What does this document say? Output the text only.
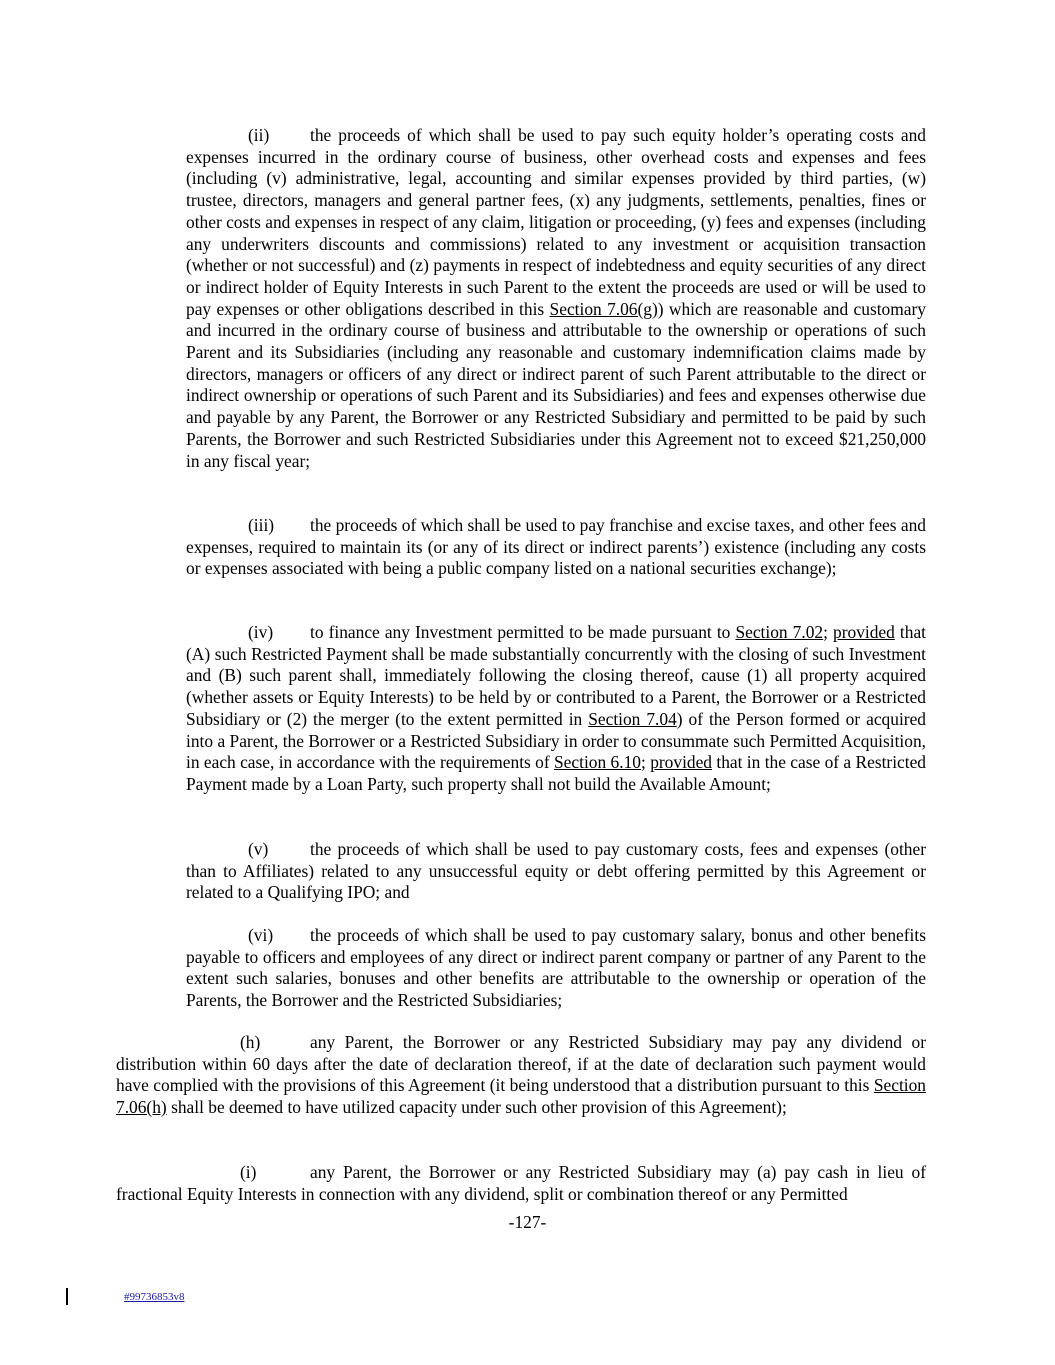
(ii) the proceeds of which shall be used to pay such equity holder’s operating costs and expenses incurred in the ordinary course of business, other overhead costs and expenses and fees (including (v) administrative, legal, accounting and similar expenses provided by third parties, (w) trustee, directors, managers and general partner fees, (x) any judgments, settlements, penalties, fines or other costs and expenses in respect of any claim, litigation or proceeding, (y) fees and expenses (including any underwriters discounts and commissions) related to any investment or acquisition transaction (whether or not successful) and (z) payments in respect of indebtedness and equity securities of any direct or indirect holder of Equity Interests in such Parent to the extent the proceeds are used or will be used to pay expenses or other obligations described in this Section 7.06(g)) which are reasonable and customary and incurred in the ordinary course of business and attributable to the ownership or operations of such Parent and its Subsidiaries (including any reasonable and customary indemnification claims made by directors, managers or officers of any direct or indirect parent of such Parent attributable to the direct or indirect ownership or operations of such Parent and its Subsidiaries) and fees and expenses otherwise due and payable by any Parent, the Borrower or any Restricted Subsidiary and permitted to be paid by such Parents, the Borrower and such Restricted Subsidiaries under this Agreement not to exceed $21,250,000 in any fiscal year;

(iii) the proceeds of which shall be used to pay franchise and excise taxes, and other fees and expenses, required to maintain its (or any of its direct or indirect parents’) existence (including any costs or expenses associated with being a public company listed on a national securities exchange);

(iv) to finance any Investment permitted to be made pursuant to Section 7.02; provided that (A) such Restricted Payment shall be made substantially concurrently with the closing of such Investment and (B) such parent shall, immediately following the closing thereof, cause (1) all property acquired (whether assets or Equity Interests) to be held by or contributed to a Parent, the Borrower or a Restricted Subsidiary or (2) the merger (to the extent permitted in Section 7.04) of the Person formed or acquired into a Parent, the Borrower or a Restricted Subsidiary in order to consummate such Permitted Acquisition, in each case, in accordance with the requirements of Section 6.10; provided that in the case of a Restricted Payment made by a Loan Party, such property shall not build the Available Amount;

(v) the proceeds of which shall be used to pay customary costs, fees and expenses (other than to Affiliates) related to any unsuccessful equity or debt offering permitted by this Agreement or related to a Qualifying IPO; and

(vi) the proceeds of which shall be used to pay customary salary, bonus and other benefits payable to officers and employees of any direct or indirect parent company or partner of any Parent to the extent such salaries, bonuses and other benefits are attributable to the ownership or operation of the Parents, the Borrower and the Restricted Subsidiaries;

(h)	any Parent, the Borrower or any Restricted Subsidiary may pay any dividend or distribution within 60 days after the date of declaration thereof, if at the date of declaration such payment would have complied with the provisions of this Agreement (it being understood that a distribution pursuant to this Section 7.06(h) shall be deemed to have utilized capacity under such other provision of this Agreement);

(i)	any Parent, the Borrower or any Restricted Subsidiary may (a) pay cash in lieu of fractional Equity Interests in connection with any dividend, split or combination thereof or any Permitted

-127-
#99736853v8
